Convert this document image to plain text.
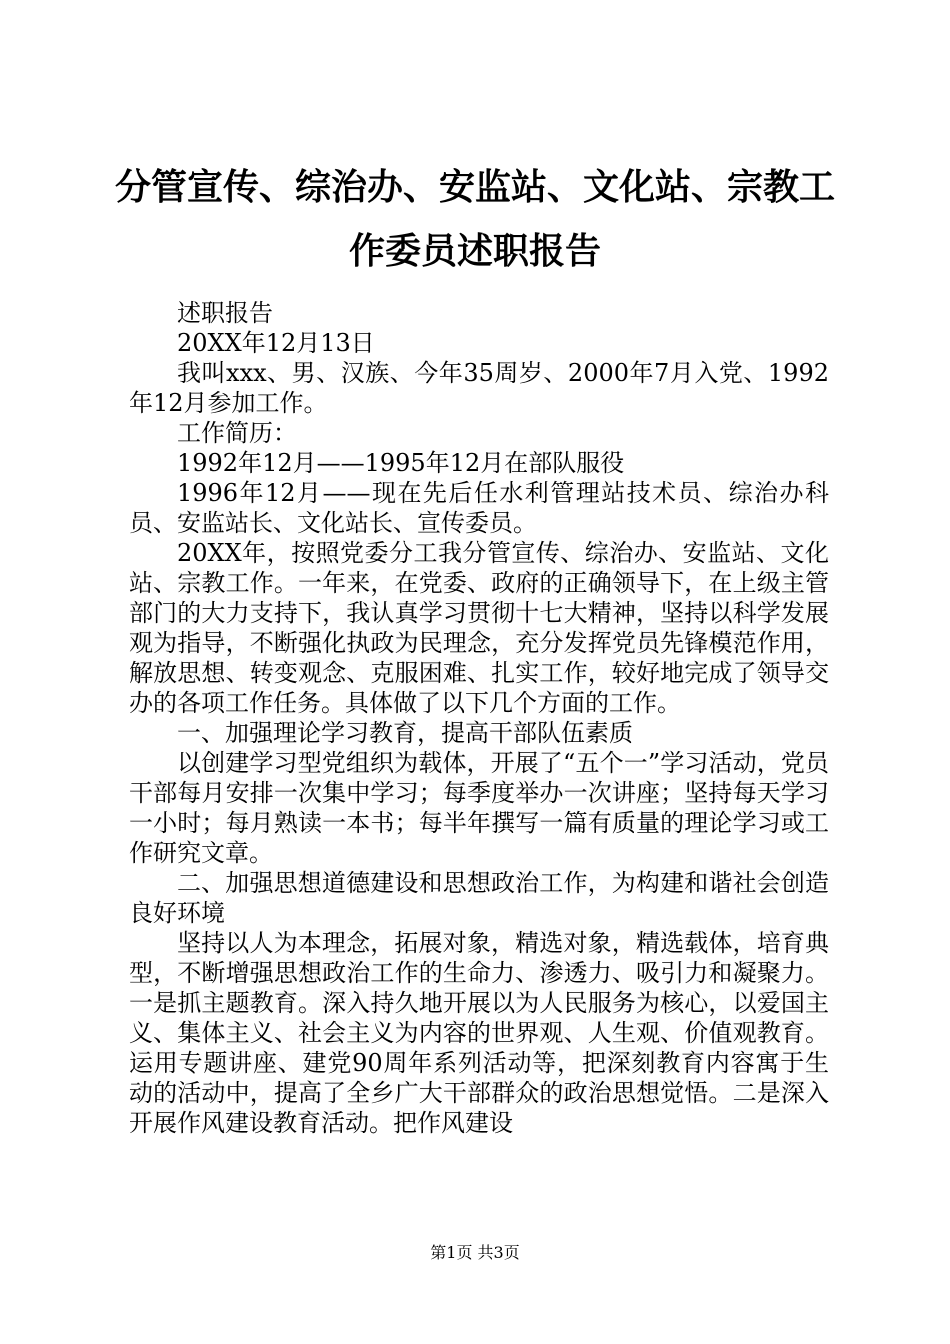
分管宣传、综治办、安监站、文化站、宗教工
作委员述职报告

述职报告

20XX年12月13日

我叫xxx、男、汉族、今年35周岁、2000年7月入党、1992年12月参加工作。

工作简历：

1992年12月——1995年12月在部队服役

1996年12月——现在先后任水利管理站技术员、综治办科员、安监站长、文化站长、宣传委员。

20XX年，按照党委分工我分管宣传、综治办、安监站、文化站、宗教工作。一年来，在党委、政府的正确领导下，在上级主管部门的大力支持下，我认真学习贯彻十七大精神，坚持以科学发展观为指导，不断强化执政为民理念，充分发挥党员先锋模范作用，解放思想、转变观念、克服困难、扎实工作，较好地完成了领导交办的各项工作任务。具体做了以下几个方面的工作。

一、加强理论学习教育，提高干部队伍素质

以创建学习型党组织为载体，开展了“五个一”学习活动，党员干部每月安排一次集中学习；每季度举办一次讲座；坚持每天学习一小时；每月熟读一本书；每半年撰写一篇有质量的理论学习或工作研究文章。

二、加强思想道德建设和思想政治工作，为构建和谐社会创造良好环境

坚持以人为本理念，拓展对象，精选对象，精选载体，培育典型，不断增强思想政治工作的生命力、渗透力、吸引力和凝聚力。一是抓主题教育。深入持久地开展以为人民服务为核心，以爱国主义、集体主义、社会主义为内容的世界观、人生观、价值观教育。运用专题讲座、建党90周年系列活动等，把深刻教育内容寓于生动的活动中，提高了全乡广大干部群众的政治思想觉悟。二是深入开展作风建设教育活动。把作风建设

第1页 共3页
